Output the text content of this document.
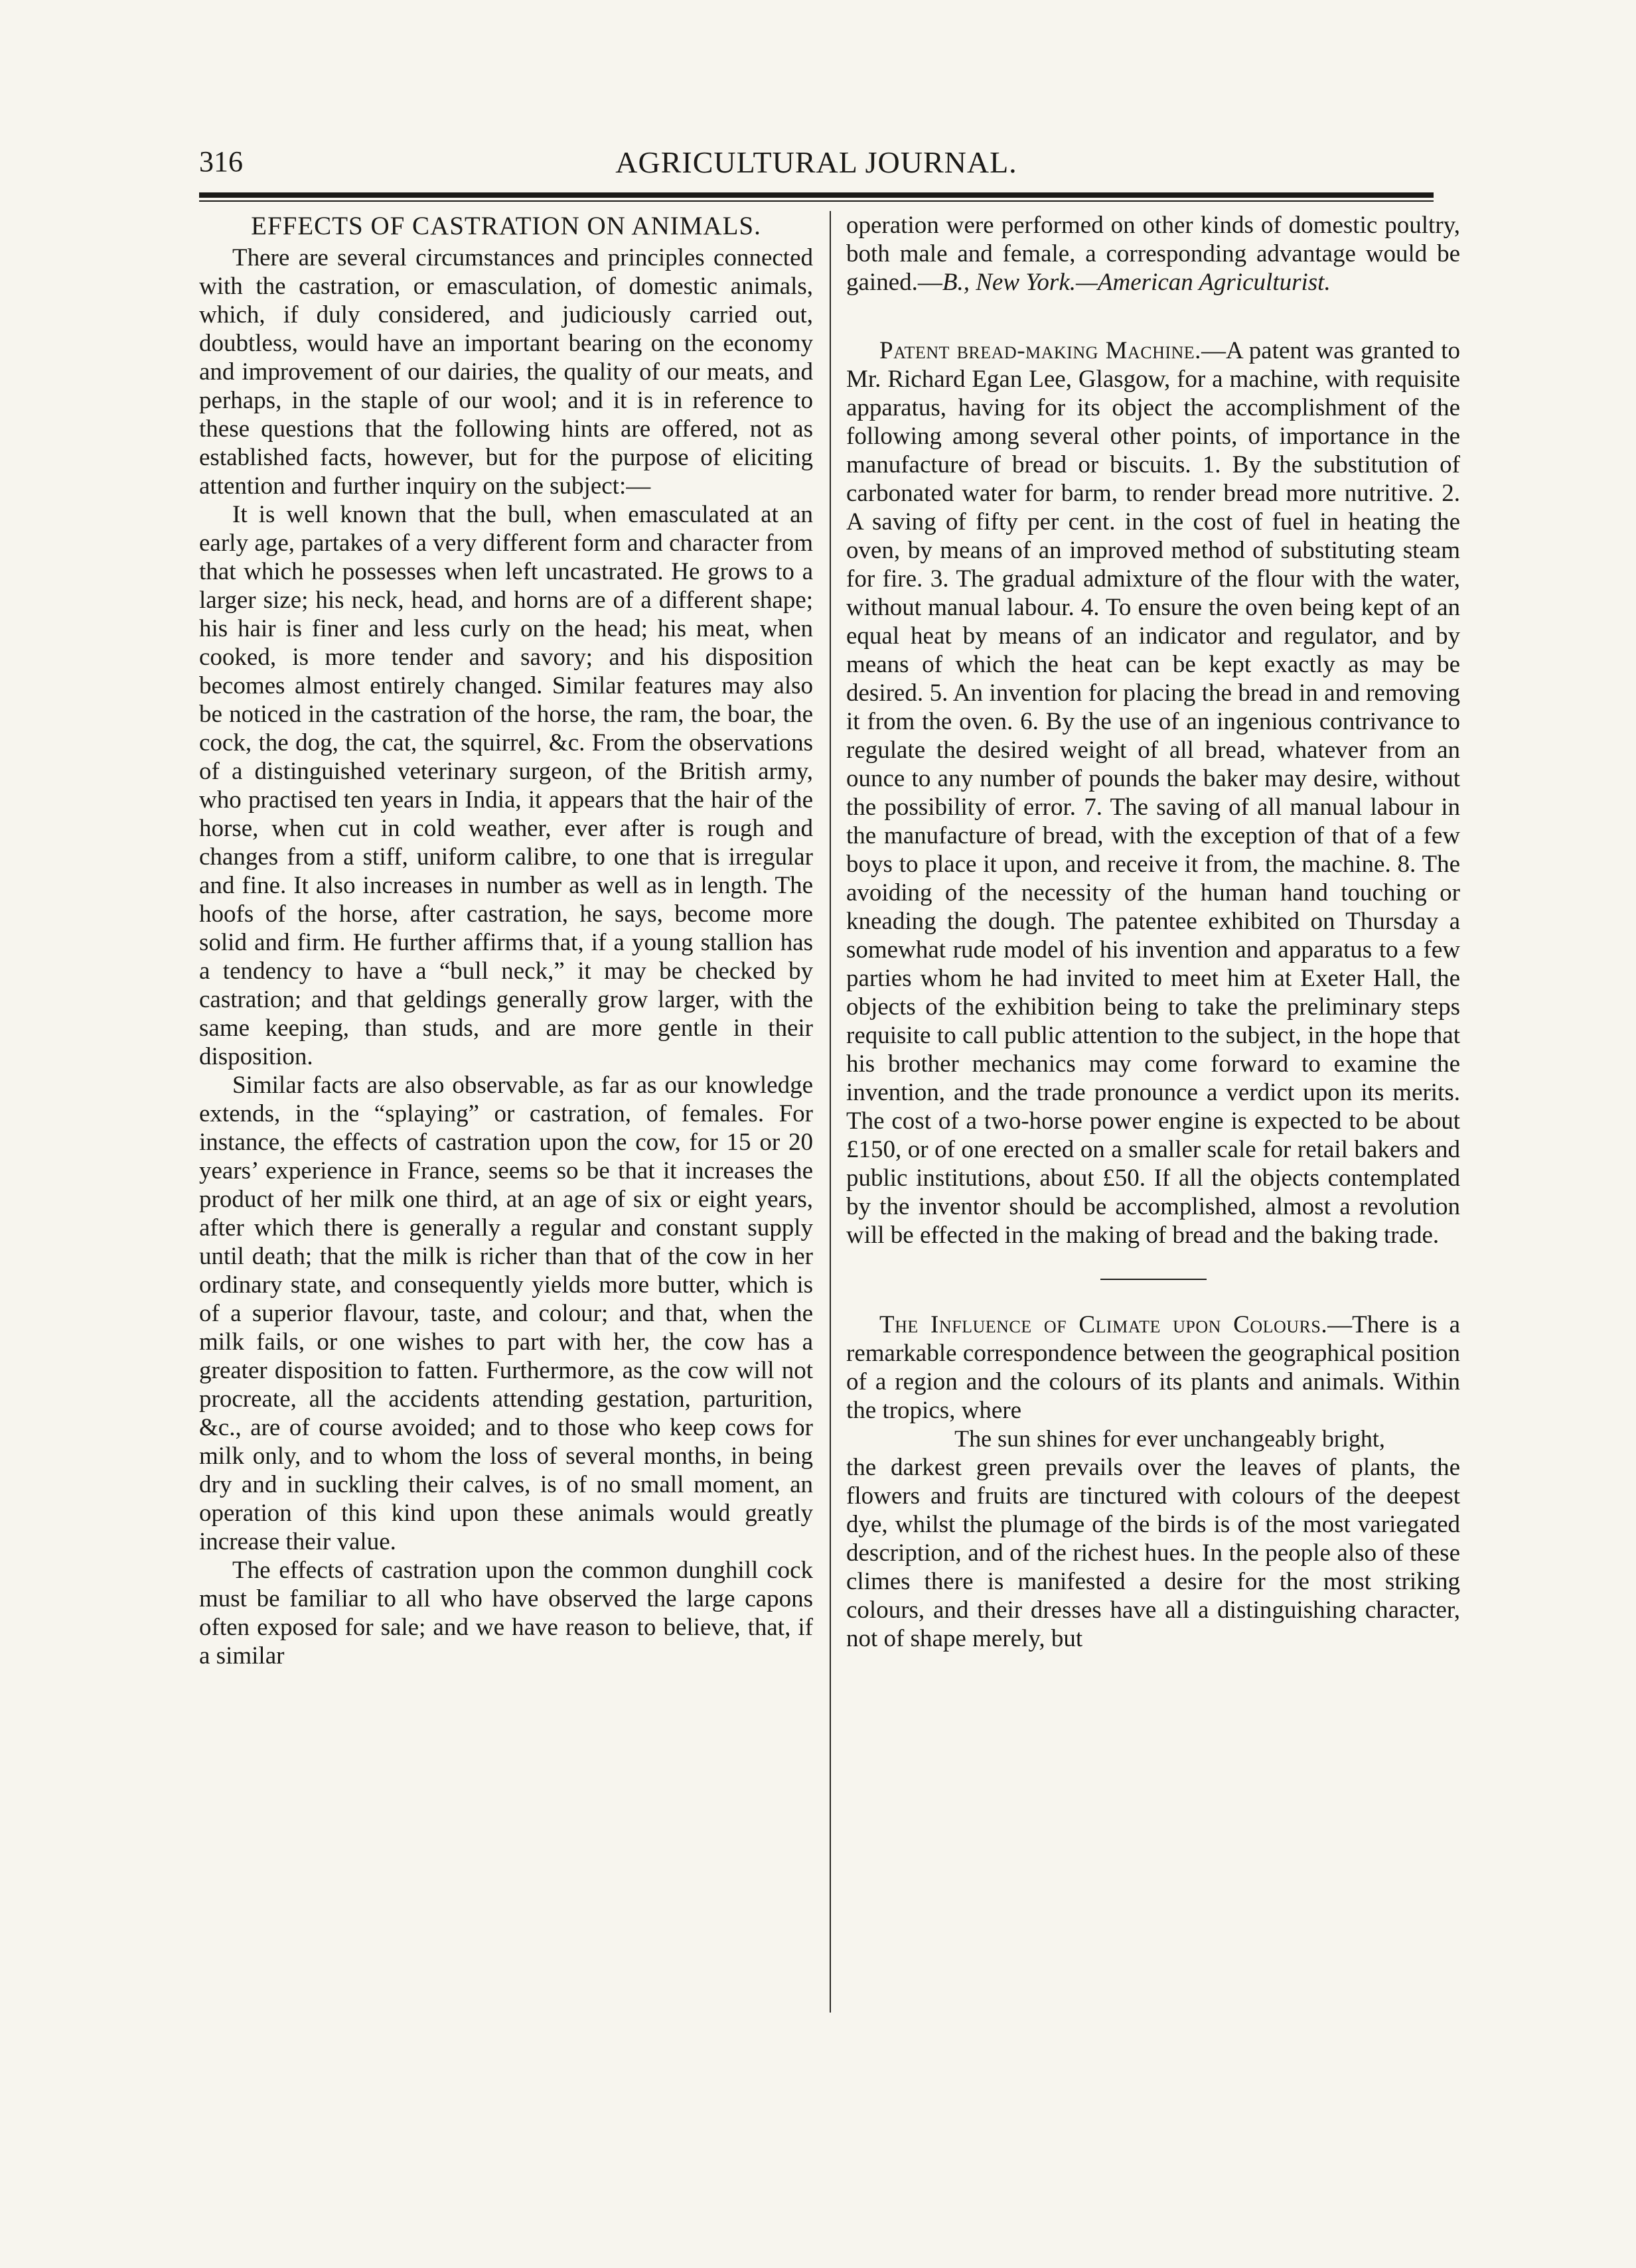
316	AGRICULTURAL JOURNAL.
EFFECTS OF CASTRATION ON ANIMALS.

There are several circumstances and principles connected with the castration, or emasculation, of domestic animals, which, if duly considered, and judiciously carried out, doubtless, would have an important bearing on the economy and improvement of our dairies, the quality of our meats, and perhaps, in the staple of our wool; and it is in reference to these questions that the following hints are offered, not as established facts, however, but for the purpose of eliciting attention and further inquiry on the subject:—

It is well known that the bull, when emasculated at an early age, partakes of a very different form and character from that which he possesses when left uncastrated. He grows to a larger size; his neck, head, and horns are of a different shape; his hair is finer and less curly on the head; his meat, when cooked, is more tender and savory; and his disposition becomes almost entirely changed. Similar features may also be noticed in the castration of the horse, the ram, the boar, the cock, the dog, the cat, the squirrel, &c. From the observations of a distinguished veterinary surgeon, of the British army, who practised ten years in India, it appears that the hair of the horse, when cut in cold weather, ever after is rough and changes from a stiff, uniform calibre, to one that is irregular and fine. It also increases in number as well as in length. The hoofs of the horse, after castration, he says, become more solid and firm. He further affirms that, if a young stallion has a tendency to have a “bull neck,” it may be checked by castration; and that geldings generally grow larger, with the same keeping, than studs, and are more gentle in their disposition.

Similar facts are also observable, as far as our knowledge extends, in the “splaying” or castration, of females. For instance, the effects of castration upon the cow, for 15 or 20 years’ experience in France, seems so be that it increases the product of her milk one third, at an age of six or eight years, after which there is generally a regular and constant supply until death; that the milk is richer than that of the cow in her ordinary state, and consequently yields more butter, which is of a superior flavour, taste, and colour; and that, when the milk fails, or one wishes to part with her, the cow has a greater disposition to fatten. Furthermore, as the cow will not procreate, all the accidents attending gestation, parturition, &c., are of course avoided; and to those who keep cows for milk only, and to whom the loss of several months, in being dry and in suckling their calves, is of no small moment, an operation of this kind upon these animals would greatly increase their value.

The effects of castration upon the common dunghill cock must be familiar to all who have observed the large capons often exposed for sale; and we have reason to believe, that, if a similar

operation were performed on other kinds of domestic poultry, both male and female, a corresponding advantage would be gained.—B., New York.—American Agriculturist.

Patent bread-making Machine.—A patent was granted to Mr. Richard Egan Lee, Glasgow, for a machine, with requisite apparatus, having for its object the accomplishment of the following among several other points, of importance in the manufacture of bread or biscuits. 1. By the substitution of carbonated water for barm, to render bread more nutritive. 2. A saving of fifty per cent. in the cost of fuel in heating the oven, by means of an improved method of substituting steam for fire. 3. The gradual admixture of the flour with the water, without manual labour. 4. To ensure the oven being kept of an equal heat by means of an indicator and regulator, and by means of which the heat can be kept exactly as may be desired. 5. An invention for placing the bread in and removing it from the oven. 6. By the use of an ingenious contrivance to regulate the desired weight of all bread, whatever from an ounce to any number of pounds the baker may desire, without the possibility of error. 7. The saving of all manual labour in the manufacture of bread, with the exception of that of a few boys to place it upon, and receive it from, the machine. 8. The avoiding of the necessity of the human hand touching or kneading the dough. The patentee exhibited on Thursday a somewhat rude model of his invention and apparatus to a few parties whom he had invited to meet him at Exeter Hall, the objects of the exhibition being to take the preliminary steps requisite to call public attention to the subject, in the hope that his brother mechanics may come forward to examine the invention, and the trade pronounce a verdict upon its merits. The cost of a two-horse power engine is expected to be about £150, or of one erected on a smaller scale for retail bakers and public institutions, about £50. If all the objects contemplated by the inventor should be accomplished, almost a revolution will be effected in the making of bread and the baking trade.

The Influence of Climate upon Colours.—There is a remarkable correspondence between the geographical position of a region and the colours of its plants and animals. Within the tropics, where

The sun shines for ever unchangeably bright,

the darkest green prevails over the leaves of plants, the flowers and fruits are tinctured with colours of the deepest dye, whilst the plumage of the birds is of the most variegated description, and of the richest hues. In the people also of these climes there is manifested a desire for the most striking colours, and their dresses have all a distinguishing character, not of shape merely, but
